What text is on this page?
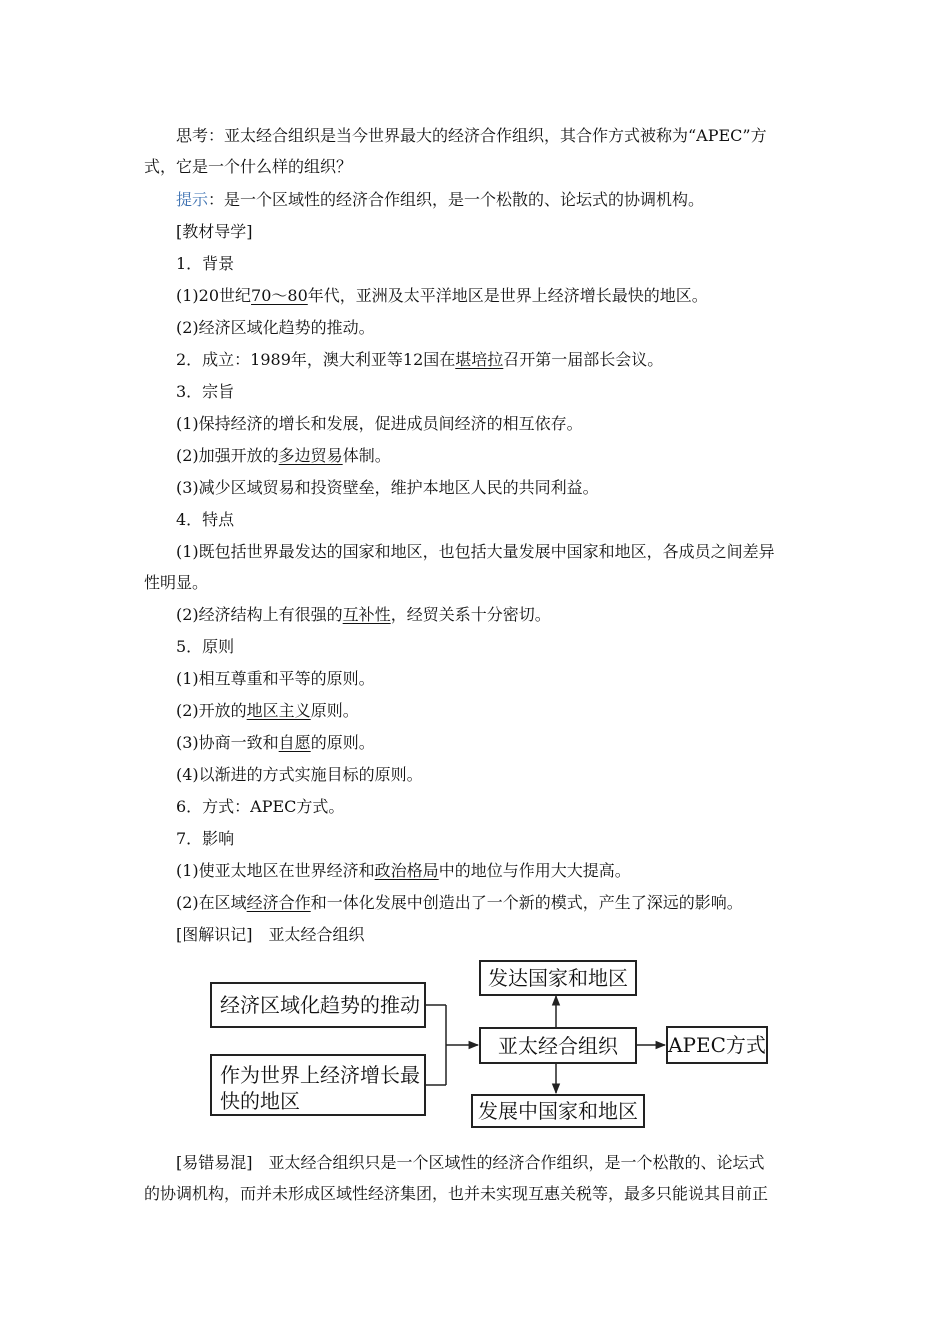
思考：亚太经合组织是当今世界最大的经济合作组织，其合作方式被称为“APEC”方
式，它是一个什么样的组织？
提示：是一个区域性的经济合作组织，是一个松散的、论坛式的协调机构。
[教材导学]
1．背景
(1)20世纪70～80年代，亚洲及太平洋地区是世界上经济增长最快的地区。
(2)经济区域化趋势的推动。
2．成立：1989年，澳大利亚等12国在堪培拉召开第一届部长会议。
3．宗旨
(1)保持经济的增长和发展，促进成员间经济的相互依存。
(2)加强开放的多边贸易体制。
(3)减少区域贸易和投资壁垒，维护本地区人民的共同利益。
4．特点
(1)既包括世界最发达的国家和地区，也包括大量发展中国家和地区，各成员之间差异
性明显。
(2)经济结构上有很强的互补性，经贸关系十分密切。
5．原则
(1)相互尊重和平等的原则。
(2)开放的地区主义原则。
(3)协商一致和自愿的原则。
(4)以渐进的方式实施目标的原则。
6．方式：APEC方式。
7．影响
(1)使亚太地区在世界经济和政治格局中的地位与作用大大提高。
(2)在区域经济合作和一体化发展中创造出了一个新的模式，产生了深远的影响。
[图解识记]　亚太经合组织
经济区域化趋势的推动
作为世界上经济增长最快的地区
亚太经合组织
发达国家和地区
发展中国家和地区
APEC方式
[易错易混]　亚太经合组织只是一个区域性的经济合作组织，是一个松散的、论坛式
的协调机构，而并未形成区域性经济集团，也并未实现互惠关税等，最多只能说其目前正
